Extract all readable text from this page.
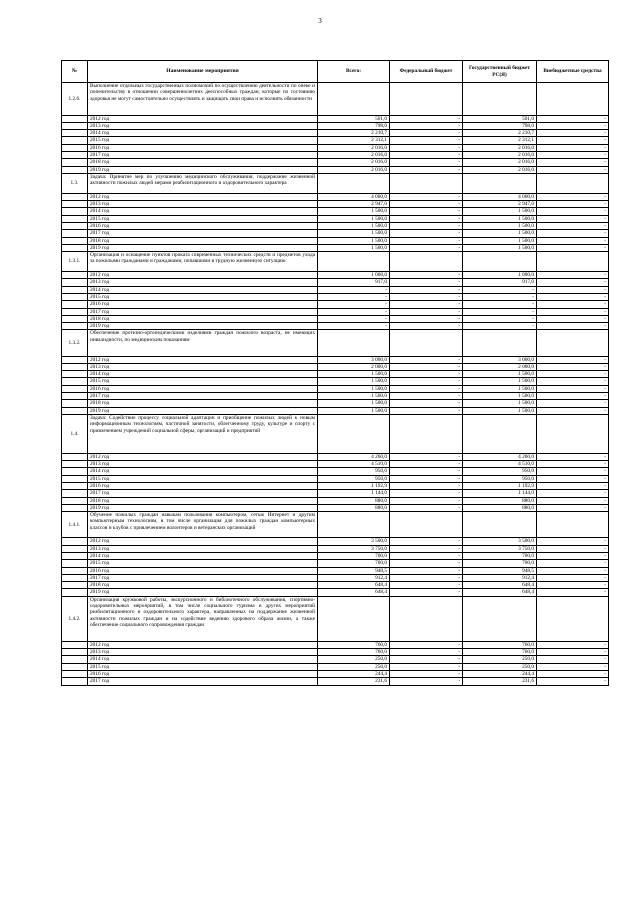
3
№	Наименование мероприятия	Всего:	Федеральный бюджет	Государственный бюджет РС(Я)	Внебюджетные средства
1.2.6.	Выполнение отдельных государственных полномочий по осуществлению деятельности по опеке и попечительству в отношении совершеннолетних дееспособных граждан, которые по состоянию здоровья не могут самостоятельно осуществлять и защищать свои права и исполнять обязанности				
	2012 год	501,0	-	501,0	-
	2013 год	798,0	-	798,0	-
	2014 год	2 210,7	-	2 210,7	-
	2015 год	2 312,1	-	2 312,1	-
	2016 год	2 016,0	-	2 016,0	-
	2017 год	2 016,0	-	2 016,0	-
	2018 год	2 016,0	-	2 016,0	-
	2019 год	2 016,0	-	2 016,0	-
1.3.	Задача: Принятие мер по улучшению медицинского обслуживания, поддержание жизненной активности пожилых людей мерами реабилитационного и оздоровительного характера				
	2012 год	4 000,0	-	4 000,0	-
	2013 год	2 947,0	-	2 947,0	-
	2014 год	1 500,0	-	1 500,0	-
	2015 год	1 500,0	-	1 500,0	-
	2016 год	1 500,0	-	1 500,0	-
	2017 год	1 500,0	-	1 500,0	-
	2018 год	1 500,0	-	1 500,0	-
	2019 год	1 500,0	-	1 500,0	-
1.3.1.	Организация и оснащение пунктов проката современных технических средств и предметов ухода за пожилыми гражданами и гражданами, попавшими в трудную жизненную ситуацию				
	2012 год	1 000,0	-	1 000,0	-
	2013 год	917,0	-	917,0	-
	2014 год	-	-	-	-
	2015 год	-	-	-	-
	2016 год	-	-	-	-
	2017 год	-	-	-	-
	2018 год	-	-	-	-
	2019 год	-	-	-	-
1.3.2.	Обеспечение протезно-ортопедическими изделиями граждан пожилого возраста, не имеющих инвалидности, по медицинским показаниям				
	2012 год	3 000,0	-	3 000,0	-
	2013 год	2 000,0	-	2 000,0	-
	2014 год	1 500,0	-	1 500,0	-
	2015 год	1 500,0	-	1 500,0	-
	2016 год	1 500,0	-	1 500,0	-
	2017 год	1 500,0	-	1 500,0	-
	2018 год	1 500,0	-	1 500,0	-
	2019 год	1 500,0	-	1 500,0	-
1.4.	Задача: Содействие процессу социальной адаптации и приобщение пожилых людей к новым информационным технологиям, частичной занятости, облегченному труду, культуре и спорту с привлечением учреждений социальной сферы, организаций и предприятий				
	2012 год	4 260,0	-	4 260,0	-
	2013 год	4 510,0	-	4 510,0	-
	2014 год	950,0	-	950,0	-
	2015 год	950,0	-	950,0	-
	2016 год	1 192,9	-	1 192,9	-
	2017 год	1 144,0	-	1 144,0	-
	2018 год	880,0	-	880,0	-
	2019 год	880,0	-	880,0	-
1.4.1.	Обучение пожилых граждан навыкам пользования компьютером, сетью Интернет и другим компьютерным технологиям, в том числе организация для пожилых граждан компьютерных классов и клубов с привлечением волонтеров и ветеранских организаций				
	2012 год	3 500,0	-	3 500,0	-
	2013 год	3 750,0	-	3 750,0	-
	2014 год	700,0	-	700,0	-
	2015 год	700,0	-	700,0	-
	2016 год	948,5	-	948,5	-
	2017 год	912,4	-	912,4	-
	2018 год	648,4	-	648,4	-
	2019 год	648,4	-	648,4	-
1.4.2.	Организация кружковой работы, экскурсионного и библиотечного обслуживания, спортивно-оздоровительных мероприятий, в том числе социального туризма и других мероприятий реабилитационного и оздоровительного характера, направленных на поддержание жизненной активности пожилых граждан и на содействие ведению здорового образа жизни, а также обеспечение социального сопровождения граждан				
	2012 год	760,0	-	760,0	-
	2013 год	760,0	-	760,0	-
	2014 год	250,0	-	250,0	-
	2015 год	250,0	-	250,0	-
	2016 год	244,4	-	244,4	-
	2017 год	231,6	-	231,6	-
